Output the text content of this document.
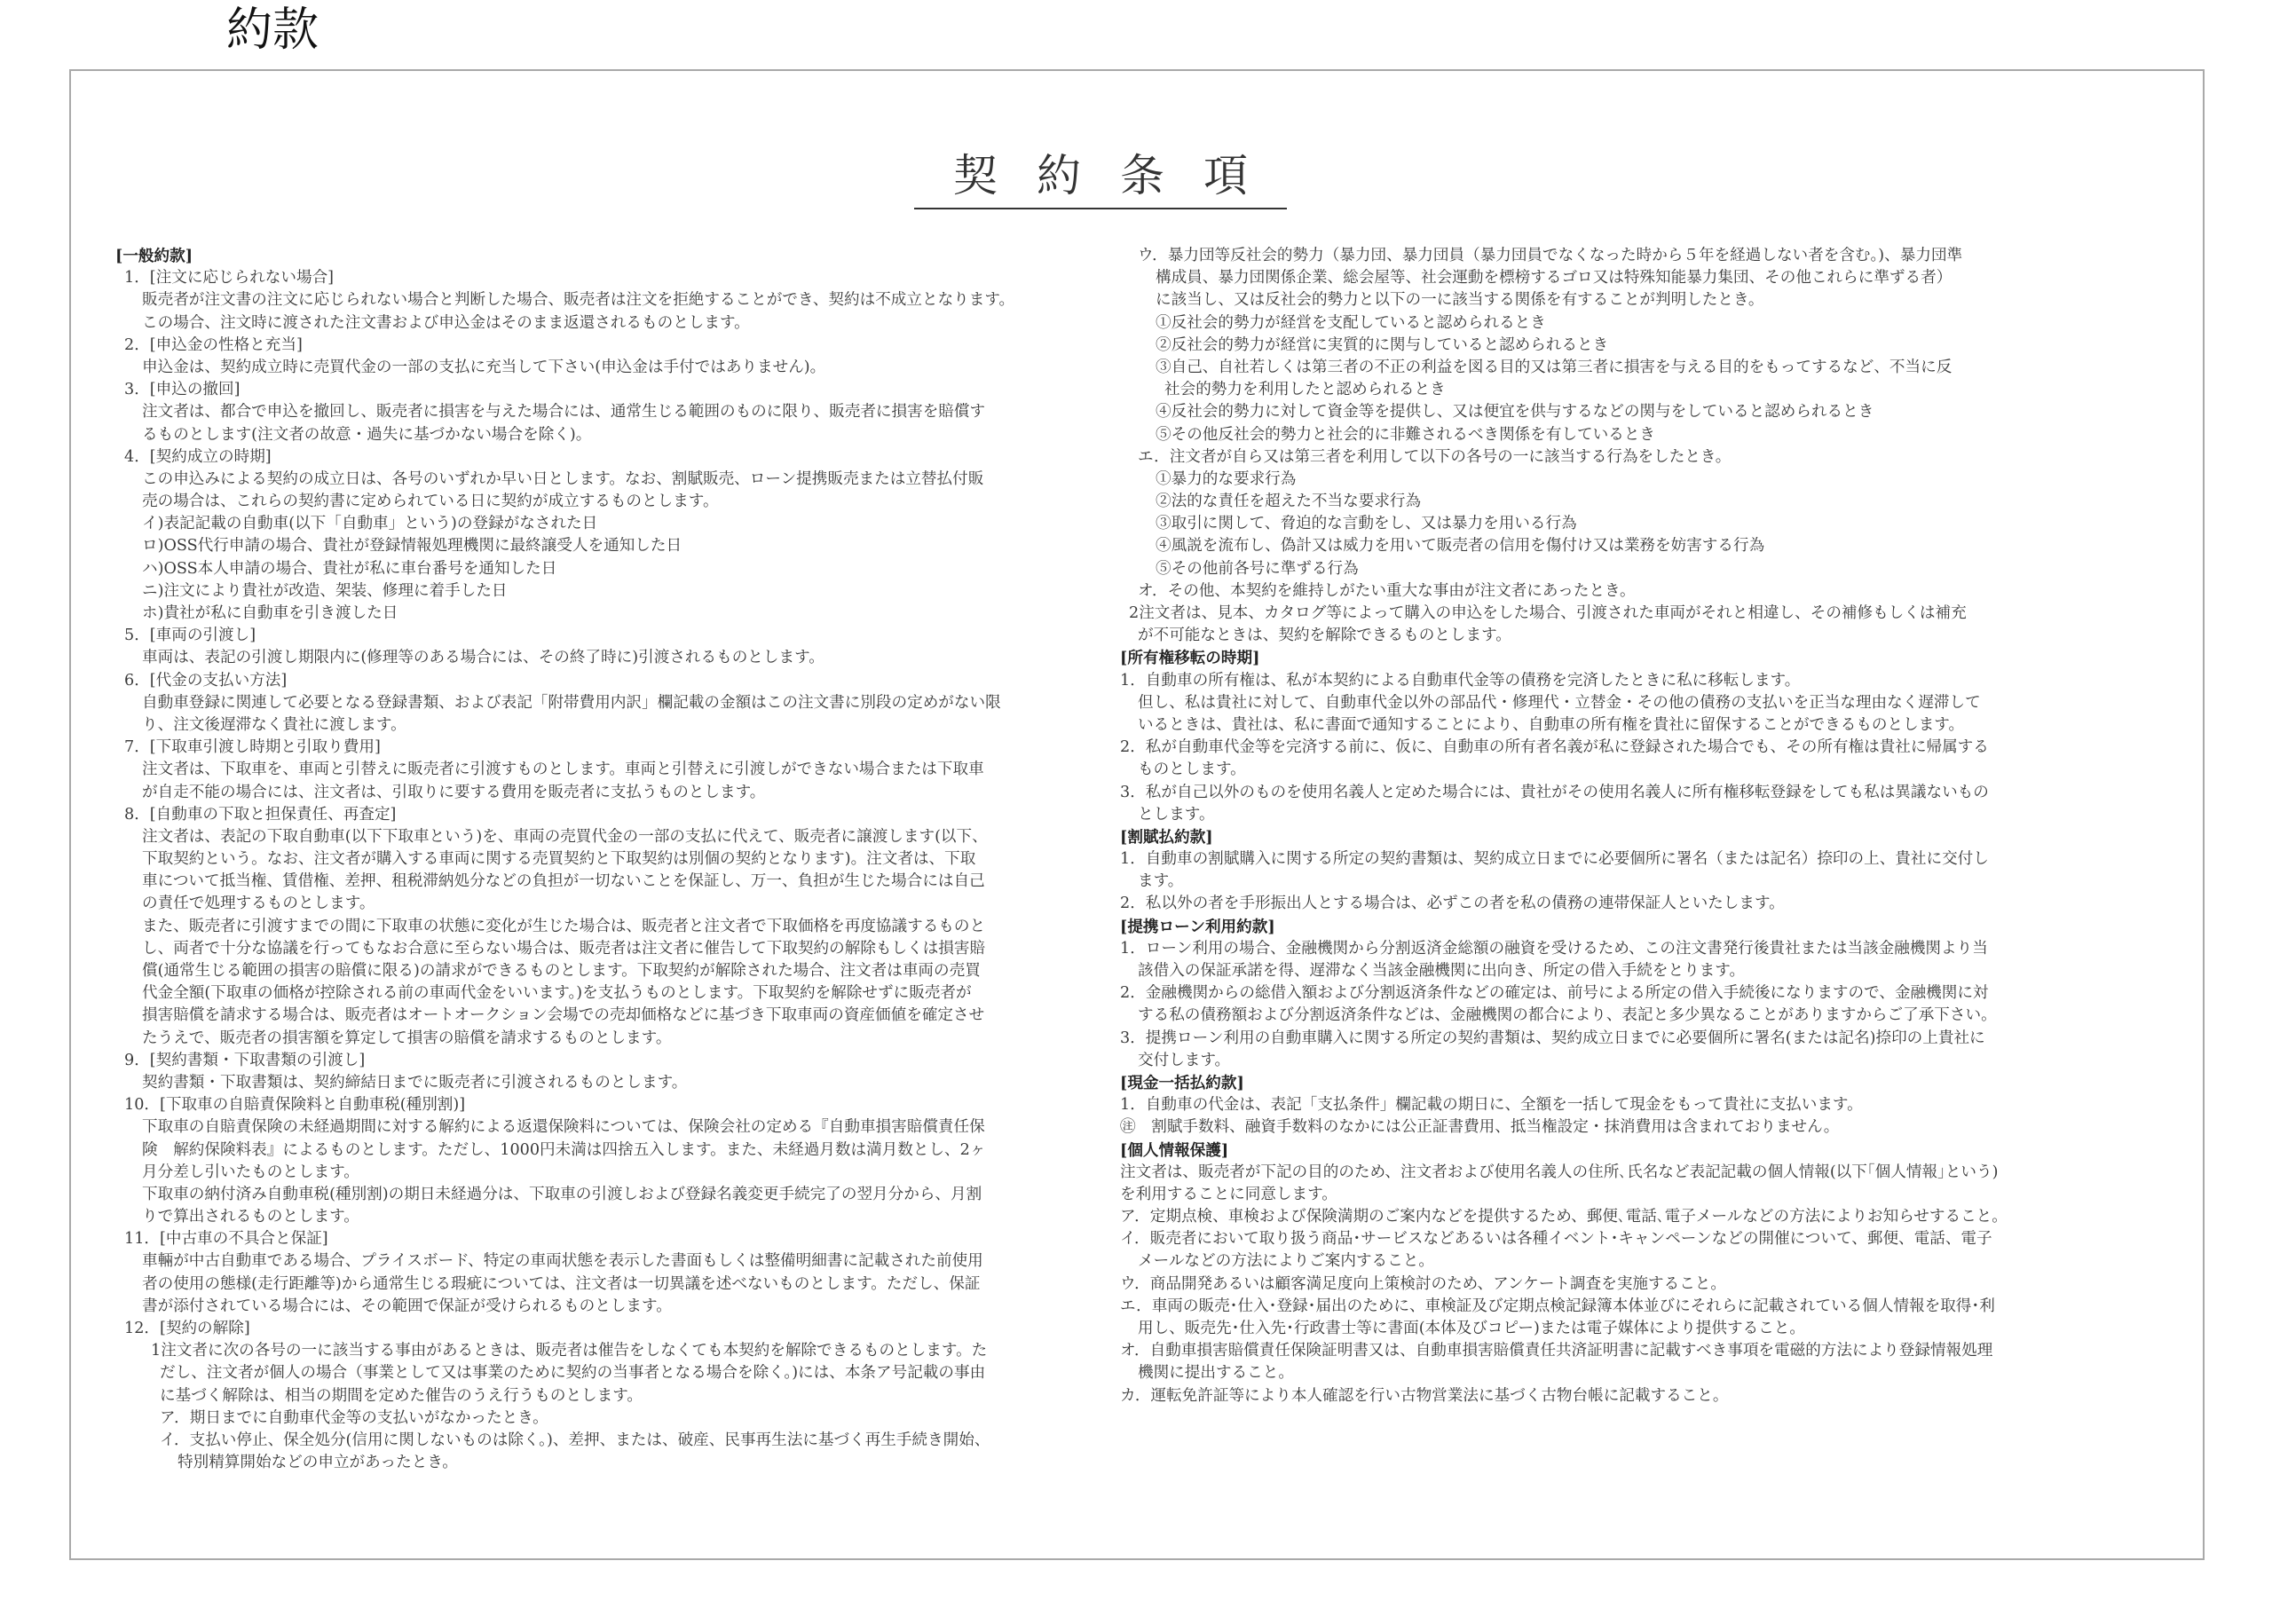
約款
契約条項
[一般約款]
1．[注文に応じられない場合]
販売者が注文書の注文に応じられない場合と判断した場合、販売者は注文を拒絶することができ、契約は不成立となります。
この場合、注文時に渡された注文書および申込金はそのまま返還されるものとします。
2．[申込金の性格と充当]
申込金は、契約成立時に売買代金の一部の支払に充当して下さい(申込金は手付ではありません)。
3．[申込の撤回]
注文者は、都合で申込を撤回し、販売者に損害を与えた場合には、通常生じる範囲のものに限り、販売者に損害を賠償す
るものとします(注文者の故意・過失に基づかない場合を除く)。
4．[契約成立の時期]
この申込みによる契約の成立日は、各号のいずれか早い日とします。なお、割賦販売、ローン提携販売または立替払付販
売の場合は、これらの契約書に定められている日に契約が成立するものとします。
イ)表記記載の自動車(以下「自動車」という)の登録がなされた日
ロ)OSS代行申請の場合、貴社が登録情報処理機関に最終譲受人を通知した日
ハ)OSS本人申請の場合、貴社が私に車台番号を通知した日
ニ)注文により貴社が改造、架装、修理に着手した日
ホ)貴社が私に自動車を引き渡した日
5．[車両の引渡し]
車両は、表記の引渡し期限内に(修理等のある場合には、その終了時に)引渡されるものとします。
6．[代金の支払い方法]
自動車登録に関連して必要となる登録書類、および表記「附帯費用内訳」欄記載の金額はこの注文書に別段の定めがない限
り、注文後遅滞なく貴社に渡します。
7．[下取車引渡し時期と引取り費用]
注文者は、下取車を、車両と引替えに販売者に引渡すものとします。車両と引替えに引渡しができない場合または下取車
が自走不能の場合には、注文者は、引取りに要する費用を販売者に支払うものとします。
8．[自動車の下取と担保責任、再査定]
注文者は、表記の下取自動車(以下下取車という)を、車両の売買代金の一部の支払に代えて、販売者に譲渡します(以下、
下取契約という。なお、注文者が購入する車両に関する売買契約と下取契約は別個の契約となります)。注文者は、下取
車について抵当権、賃借権、差押、租税滞納処分などの負担が一切ないことを保証し、万一、負担が生じた場合には自己
の責任で処理するものとします。
また、販売者に引渡すまでの間に下取車の状態に変化が生じた場合は、販売者と注文者で下取価格を再度協議するものと
し、両者で十分な協議を行ってもなお合意に至らない場合は、販売者は注文者に催告して下取契約の解除もしくは損害賠
償(通常生じる範囲の損害の賠償に限る)の請求ができるものとします。下取契約が解除された場合、注文者は車両の売買
代金全額(下取車の価格が控除される前の車両代金をいいます。)を支払うものとします。下取契約を解除せずに販売者が
損害賠償を請求する場合は、販売者はオートオークション会場での売却価格などに基づき下取車両の資産価値を確定させ
たうえで、販売者の損害額を算定して損害の賠償を請求するものとします。
9．[契約書類・下取書類の引渡し]
契約書類・下取書類は、契約締結日までに販売者に引渡されるものとします。
10．[下取車の自賠責保険料と自動車税(種別割)]
下取車の自賠責保険の未経過期間に対する解約による返還保険料については、保険会社の定める『自動車損害賠償責任保
険　解約保険料表』によるものとします。ただし、1000円未満は四捨五入します。また、未経過月数は満月数とし、2ヶ
月分差し引いたものとします。
下取車の納付済み自動車税(種別割)の期日未経過分は、下取車の引渡しおよび登録名義変更手続完了の翌月分から、月割
りで算出されるものとします。
11．[中古車の不具合と保証]
車輛が中古自動車である場合、プライスボード、特定の車両状態を表示した書面もしくは整備明細書に記載された前使用
者の使用の態様(走行距離等)から通常生じる瑕疵については、注文者は一切異議を述べないものとします。ただし、保証
書が添付されている場合には、その範囲で保証が受けられるものとします。
12．[契約の解除]
1注文者に次の各号の一に該当する事由があるときは、販売者は催告をしなくても本契約を解除できるものとします。た
だし、注文者が個人の場合（事業として又は事業のために契約の当事者となる場合を除く。)には、本条ア号記載の事由
に基づく解除は、相当の期間を定めた催告のうえ行うものとします。
ア．期日までに自動車代金等の支払いがなかったとき。
イ．支払い停止、保全処分(信用に関しないものは除く。)、差押、または、破産、民事再生法に基づく再生手続き開始、
特別精算開始などの申立があったとき。
ウ．暴力団等反社会的勢力（暴力団、暴力団員（暴力団員でなくなった時から５年を経過しない者を含む。)、暴力団準
構成員、暴力団関係企業、総会屋等、社会運動を標榜するゴロ又は特殊知能暴力集団、その他これらに準ずる者）
に該当し、又は反社会的勢力と以下の一に該当する関係を有することが判明したとき。
①反社会的勢力が経営を支配していると認められるとき
②反社会的勢力が経営に実質的に関与していると認められるとき
③自己、自社若しくは第三者の不正の利益を図る目的又は第三者に損害を与える目的をもってするなど、不当に反
社会的勢力を利用したと認められるとき
④反社会的勢力に対して資金等を提供し、又は便宜を供与するなどの関与をしていると認められるとき
⑤その他反社会的勢力と社会的に非難されるべき関係を有しているとき
エ．注文者が自ら又は第三者を利用して以下の各号の一に該当する行為をしたとき。
①暴力的な要求行為
②法的な責任を超えた不当な要求行為
③取引に関して、脅迫的な言動をし、又は暴力を用いる行為
④風説を流布し、偽計又は威力を用いて販売者の信用を傷付け又は業務を妨害する行為
⑤その他前各号に準ずる行為
オ．その他、本契約を維持しがたい重大な事由が注文者にあったとき。
2注文者は、見本、カタログ等によって購入の申込をした場合、引渡された車両がそれと相違し、その補修もしくは補充
が不可能なときは、契約を解除できるものとします。
[所有権移転の時期]
1．自動車の所有権は、私が本契約による自動車代金等の債務を完済したときに私に移転します。
但し、私は貴社に対して、自動車代金以外の部品代・修理代・立替金・その他の債務の支払いを正当な理由なく遅滞して
いるときは、貴社は、私に書面で通知することにより、自動車の所有権を貴社に留保することができるものとします。
2．私が自動車代金等を完済する前に、仮に、自動車の所有者名義が私に登録された場合でも、その所有権は貴社に帰属する
ものとします。
3．私が自己以外のものを使用名義人と定めた場合には、貴社がその使用名義人に所有権移転登録をしても私は異議ないもの
とします。
[割賦払約款]
1．自動車の割賦購入に関する所定の契約書類は、契約成立日までに必要個所に署名（または記名）捺印の上、貴社に交付し
ます。
2．私以外の者を手形振出人とする場合は、必ずこの者を私の債務の連帯保証人といたします。
[提携ローン利用約款]
1．ローン利用の場合、金融機関から分割返済金総額の融資を受けるため、この注文書発行後貴社または当該金融機関より当
該借入の保証承諾を得、遅滞なく当該金融機関に出向き、所定の借入手続をとります。
2．金融機関からの総借入額および分割返済条件などの確定は、前号による所定の借入手続後になりますので、金融機関に対
する私の債務額および分割返済条件などは、金融機関の都合により、表記と多少異なることがありますからご了承下さい。
3．提携ローン利用の自動車購入に関する所定の契約書類は、契約成立日までに必要個所に署名(または記名)捺印の上貴社に
交付します。
[現金一括払約款]
1．自動車の代金は、表記「支払条件」欄記載の期日に、全額を一括して現金をもって貴社に支払います。
㊟　割賦手数料、融資手数料のなかには公正証書費用、抵当権設定・抹消費用は含まれておりません。
[個人情報保護]
注文者は、販売者が下記の目的のため、注文者および使用名義人の住所､氏名など表記記載の個人情報(以下｢個人情報｣という)
を利用することに同意します。
ア．定期点検、車検および保険満期のご案内などを提供するため、郵便､電話､電子メールなどの方法によりお知らせすること。
イ．販売者において取り扱う商品･サービスなどあるいは各種イベント･キャンペーンなどの開催について、郵便、電話、電子
メールなどの方法によりご案内すること。
ウ．商品開発あるいは顧客満足度向上策検討のため、アンケート調査を実施すること。
エ．車両の販売･仕入･登録･届出のために、車検証及び定期点検記録簿本体並びにそれらに記載されている個人情報を取得･利
用し、販売先･仕入先･行政書士等に書面(本体及びコピー)または電子媒体により提供すること。
オ．自動車損害賠償責任保険証明書又は、自動車損害賠償責任共済証明書に記載すべき事項を電磁的方法により登録情報処理
機関に提出すること。
カ．運転免許証等により本人確認を行い古物営業法に基づく古物台帳に記載すること。
